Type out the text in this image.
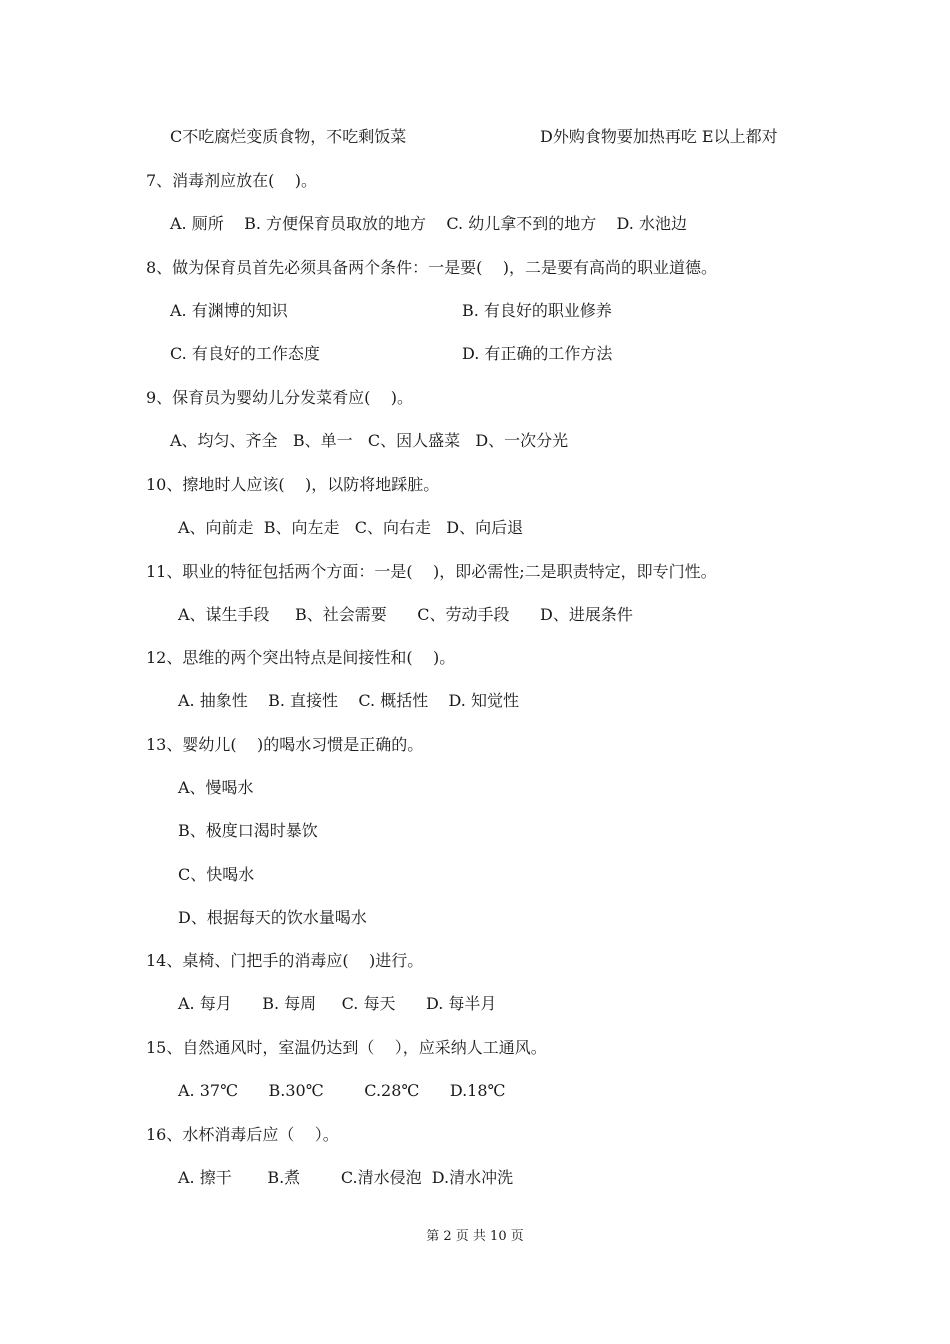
C不吃腐烂变质食物，不吃剩饭菜	D外购食物要加热再吃 E以上都对
7、消毒剂应放在(    )。
A. 厕所    B. 方便保育员取放的地方    C. 幼儿拿不到的地方    D. 水池边
8、做为保育员首先必须具备两个条件：一是要(    )，二是要有高尚的职业道德。
A. 有渊博的知识	B. 有良好的职业修养
C. 有良好的工作态度	D. 有正确的工作方法
9、保育员为婴幼儿分发菜肴应(    )。
A、均匀、齐全   B、单一   C、因人盛菜   D、一次分光
10、擦地时人应该(    )，以防将地踩脏。
A、向前走  B、向左走   C、向右走   D、向后退
11、职业的特征包括两个方面：一是(    )，即必需性;二是职责特定，即专门性。
A、谋生手段     B、社会需要      C、劳动手段      D、进展条件
12、思维的两个突出特点是间接性和(    )。
A. 抽象性    B. 直接性    C. 概括性    D. 知觉性
13、婴幼儿(    )的喝水习惯是正确的。
A、慢喝水
B、极度口渴时暴饮
C、快喝水
D、根据每天的饮水量喝水
14、桌椅、门把手的消毒应(    )进行。
A. 每月      B. 每周     C. 每天      D. 每半月
15、自然通风时，室温仍达到（    ），应采纳人工通风。
A. 37℃      B.30℃        C.28℃      D.18℃
16、水杯消毒后应（    ）。
A. 擦干       B.煮        C.清水侵泡  D.清水冲洗
第 2 页 共 10 页
